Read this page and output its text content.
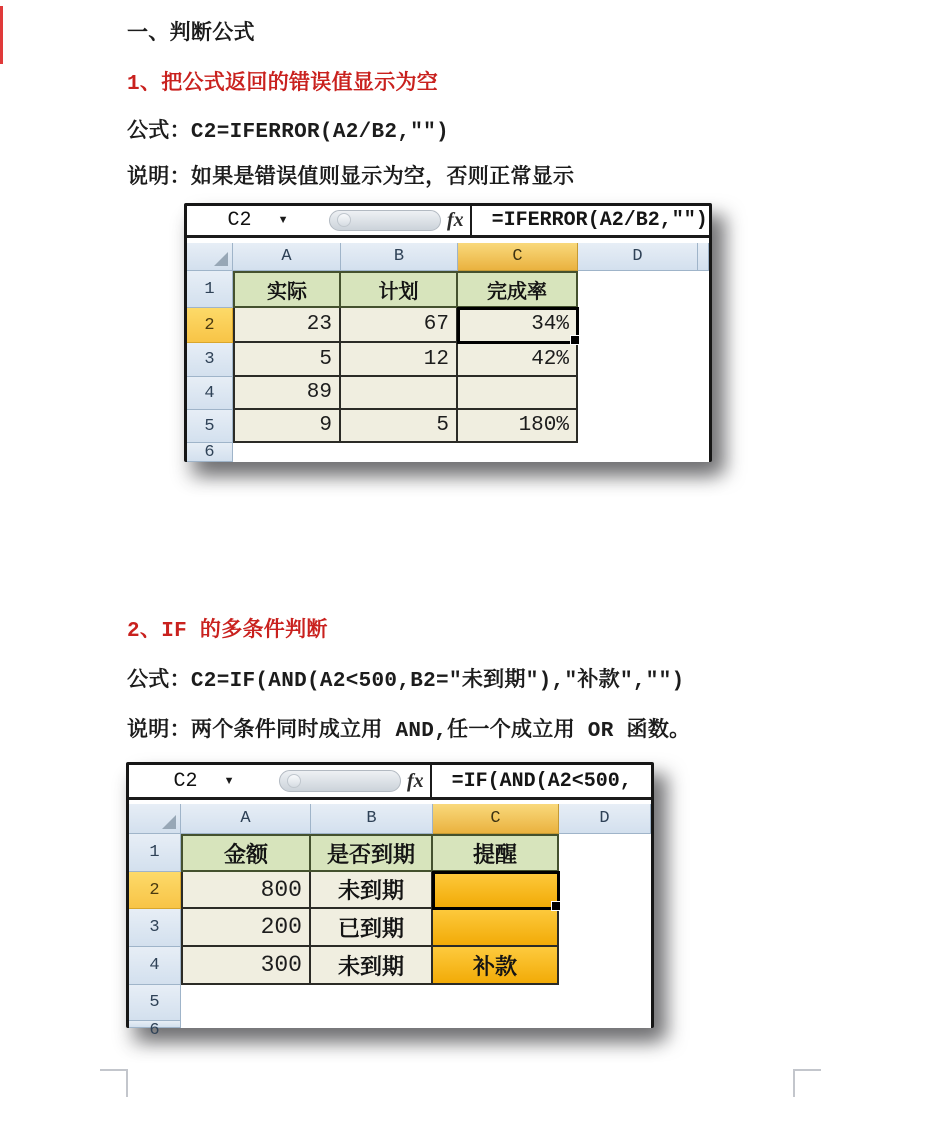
一、判断公式
1、把公式返回的错误值显示为空
公式：C2=IFERROR(A2/B2,″″)
说明：如果是错误值则显示为空，否则正常显示
C2 ▼	fx	=IFERROR(A2/B2,″″)
A	B	C	D
1	实际	计划	完成率
2	23	67	34%
3	5	12	42%
4	89
5	9	5	180%
6
2、IF 的多条件判断
公式：C2=IF(AND(A2<500,B2=″未到期″),″补款″,″″)
说明：两个条件同时成立用 AND,任一个成立用 OR 函数。
C2 ▼	fx	=IF(AND(A2<500,
A	B	C	D
1	金额	是否到期	提醒
2	800	未到期
3	200	已到期
4	300	未到期	补款
5
6
